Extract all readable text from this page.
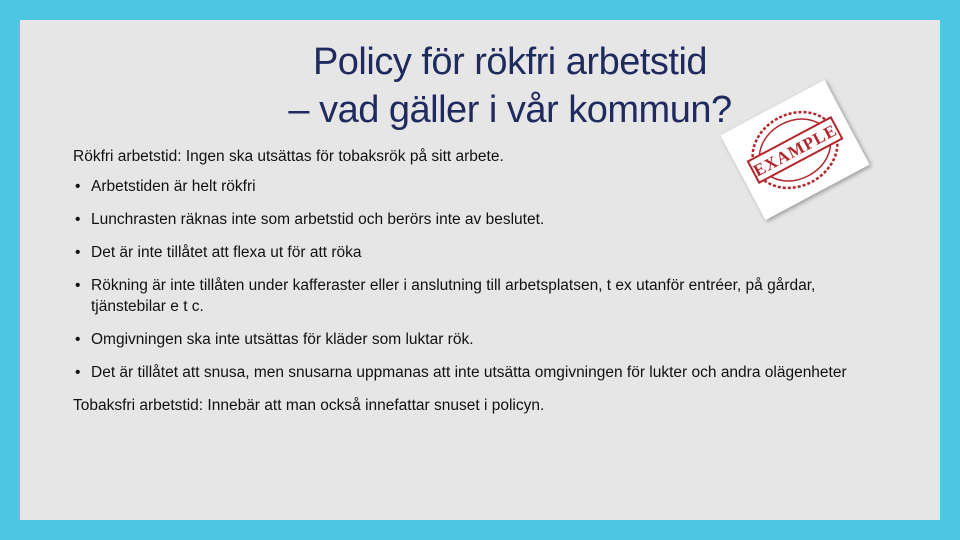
Policy för rökfri arbetstid
– vad gäller i vår kommun?
EXAMPLE

Rökfri arbetstid: Ingen ska utsättas för tobaksrök på sitt arbete.

• Arbetstiden är helt rökfri
• Lunchrasten räknas inte som arbetstid och berörs inte av beslutet.
• Det är inte tillåtet att flexa ut för att röka
• Rökning är inte tillåten under kafferaster eller i anslutning till arbetsplatsen, t ex utanför entréer, på gårdar, tjänstebilar e t c.
• Omgivningen ska inte utsättas för kläder som luktar rök.
• Det är tillåtet att snusa, men snusarna uppmanas att inte utsätta omgivningen för lukter och andra olägenheter

Tobaksfri arbetstid: Innebär att man också innefattar snuset i policyn.
